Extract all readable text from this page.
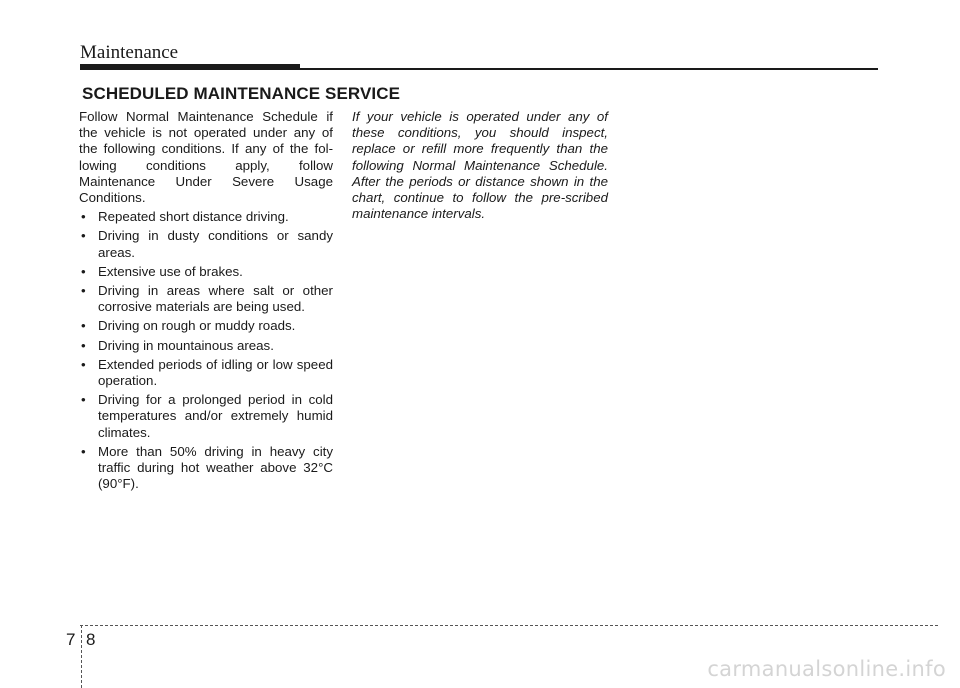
Maintenance
SCHEDULED MAINTENANCE SERVICE

Follow Normal Maintenance Schedule if the vehicle is not operated under any of the following conditions. If any of the fol-lowing conditions apply, follow Maintenance Under Severe Usage Conditions.

• Repeated short distance driving.
• Driving in dusty conditions or sandy areas.
• Extensive use of brakes.
• Driving in areas where salt or other corrosive materials are being used.
• Driving on rough or muddy roads.
• Driving in mountainous areas.
• Extended periods of idling or low speed operation.
• Driving for a prolonged period in cold temperatures and/or extremely humid climates.
• More than 50% driving in heavy city traffic during hot weather above 32°C (90°F).

If your vehicle is operated under any of these conditions, you should inspect, replace or refill more frequently than the following Normal Maintenance Schedule. After the periods or distance shown in the chart, continue to follow the pre-scribed maintenance intervals.

7 8
carmanualsonline.info
